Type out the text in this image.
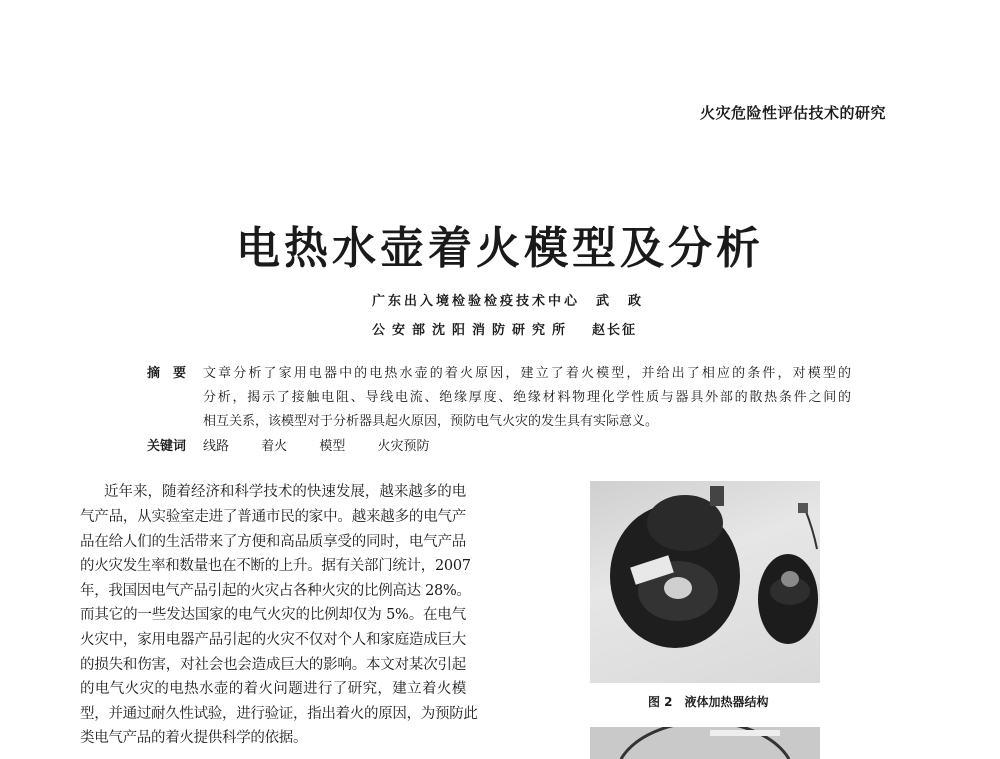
火灾危险性评估技术的研究
电热水壶着火模型及分析
广东出入境检验检疫技术中心　 武　政
公安部沈阳消防研究所　 赵长征
摘　要 文章分析了家用电器中的电热水壶的着火原因，建立了着火模型，并给出了相应的条件，对模型的
分析，揭示了接触电阻、导线电流、绝缘厚度、绝缘材料物理化学性质与器具外部的散热条件之间的
相互关系，该模型对于分析器具起火原因，预防电气火灾的发生具有实际意义。
关键词 线路 着火 模型 火灾预防
近年来，随着经济和科学技术的快速发展，越来越多的电
气产品，从实验室走进了普通市民的家中。越来越多的电气产
品在给人们的生活带来了方便和高品质享受的同时，电气产品
的火灾发生率和数量也在不断的上升。据有关部门统计，2007
年，我国因电气产品引起的火灾占各种火灾的比例高达 28%。
而其它的一些发达国家的电气火灾的比例却仅为 5%。在电气
火灾中，家用电器产品引起的火灾不仅对个人和家庭造成巨大
的损失和伤害，对社会也会造成巨大的影响。本文对某次引起
的电气火灾的电热水壶的着火问题进行了研究，建立着火模
型，并通过耐久性试验，进行验证，指出着火的原因，为预防此
类电气产品的着火提供科学的依据。
图 2　液体加热器结构
